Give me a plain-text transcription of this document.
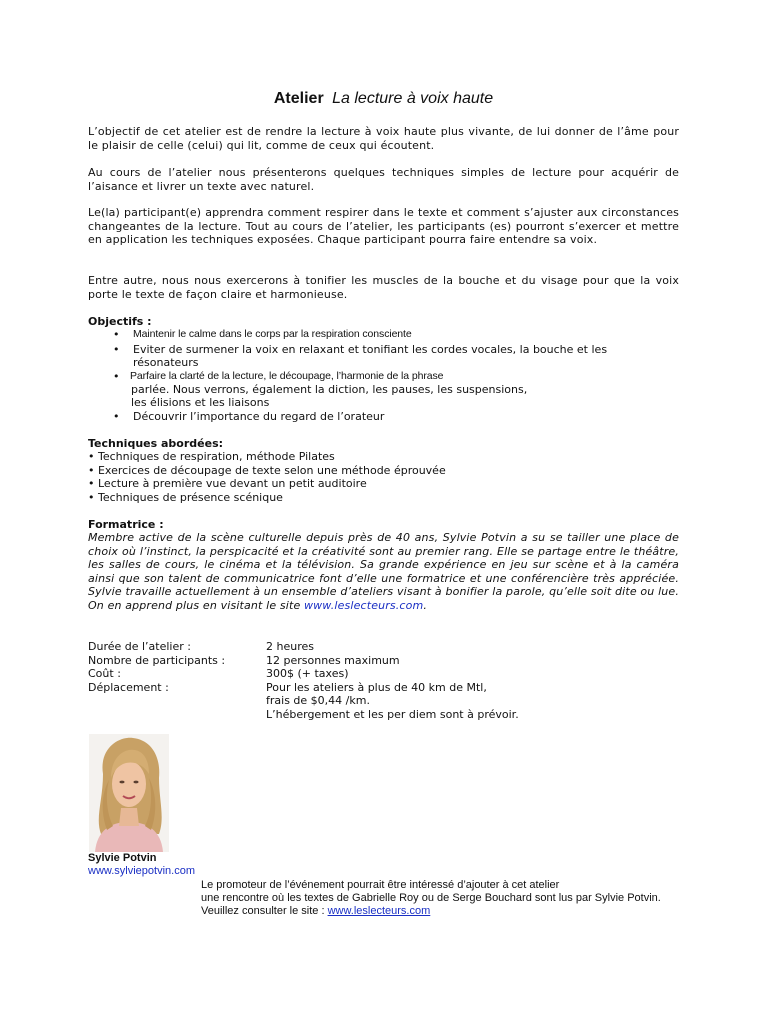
Atelier La lecture à voix haute
L’objectif de cet atelier est de rendre la lecture à voix haute plus vivante, de lui donner de l’âme pour le plaisir de celle (celui) qui lit, comme de ceux qui écoutent.
Au cours de l’atelier nous présenterons quelques techniques simples de lecture pour acquérir de l’aisance et livrer un texte avec naturel.
Le(la) participant(e) apprendra comment respirer dans le texte et comment s’ajuster aux circonstances changeantes de la lecture. Tout au cours de l’atelier, les participants (es) pourront s’exercer et mettre en application les techniques exposées. Chaque participant pourra faire entendre sa voix.
Entre autre, nous nous exercerons à tonifier les muscles de la bouche et du visage pour que la voix porte le texte de façon claire et harmonieuse.
Objectifs :
• Maintenir le calme dans le corps par la respiration consciente
• Eviter de surmener la voix en relaxant et tonifiant les cordes vocales, la bouche et les
résonateurs
• Parfaire la clarté de la lecture, le découpage, l’harmonie de la phrase
parlée. Nous verrons, également la diction, les pauses, les suspensions,
les élisions et les liaisons
• Découvrir l’importance du regard de l’orateur
Techniques abordées:
• Techniques de respiration, méthode Pilates
• Exercices de découpage de texte selon une méthode éprouvée
• Lecture à première vue devant un petit auditoire
• Techniques de présence scénique
Formatrice :
Membre active de la scène culturelle depuis près de 40 ans, Sylvie Potvin a su se tailler une place de choix où l’instinct, la perspicacité et la créativité sont au premier rang. Elle se partage entre le théâtre, les salles de cours, le cinéma et la télévision. Sa grande expérience en jeu sur scène et à la caméra ainsi que son talent de communicatrice font d’elle une formatrice et une conférencière très appréciée. Sylvie travaille actuellement à un ensemble d’ateliers visant à bonifier la parole, qu’elle soit dite ou lue. On en apprend plus en visitant le site www.leslecteurs.com.
Durée de l’atelier :	2 heures
Nombre de participants :	12 personnes maximum
Coût :	300$ (+ taxes)
Déplacement :	Pour les ateliers à plus de 40 km de Mtl,
frais de $0,44 /km.
L’hébergement et les per diem sont à prévoir.
Sylvie Potvin
www.sylviepotvin.com
Le promoteur de l’événement pourrait être intéressé d’ajouter à cet atelier
une rencontre où les textes de Gabrielle Roy ou de Serge Bouchard sont lus par Sylvie Potvin.
Veuillez consulter le site : www.leslecteurs.com
